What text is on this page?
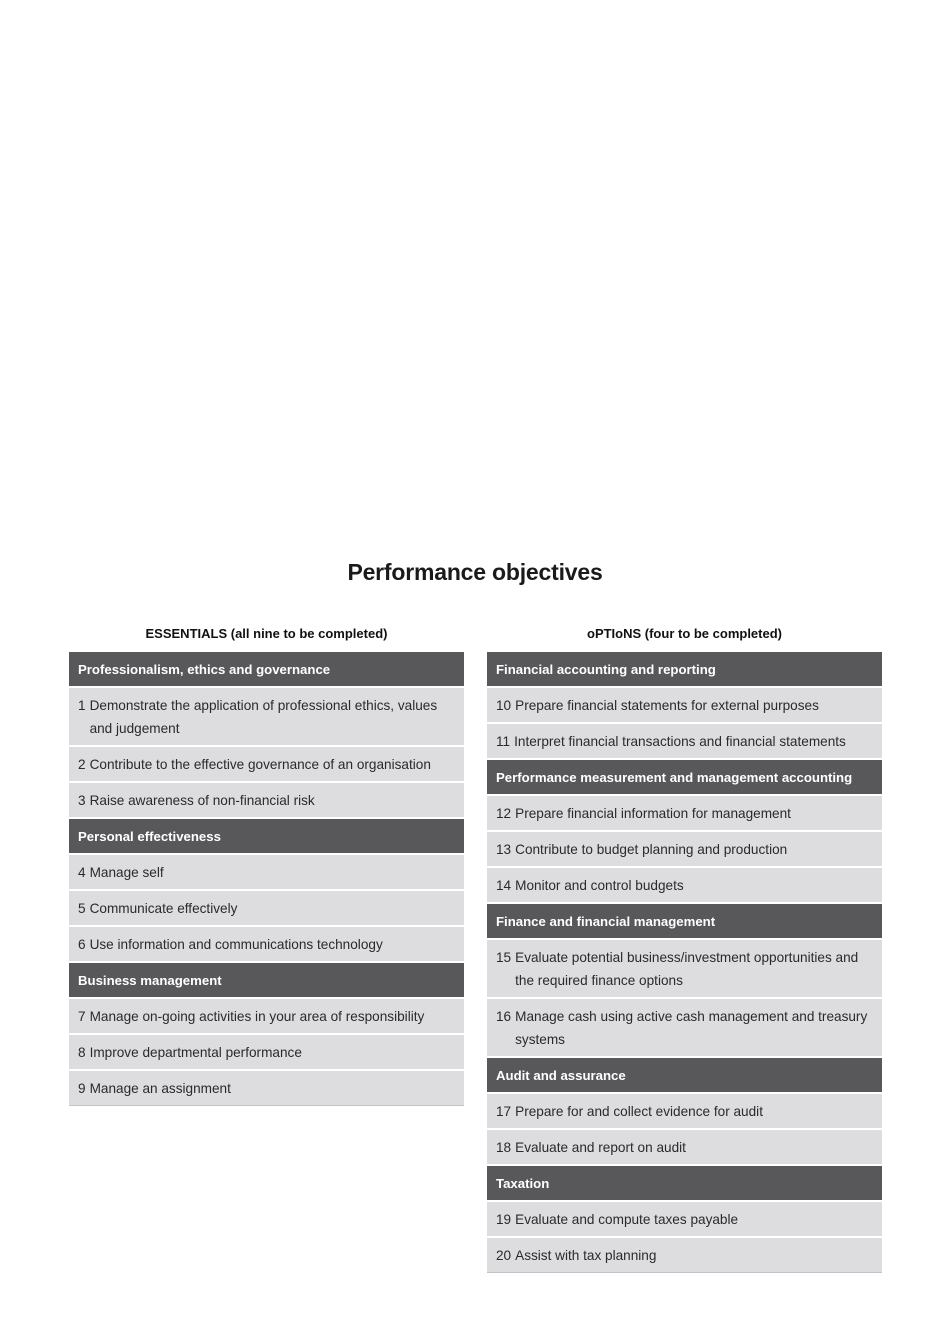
Performance objectives
ESSENTIALS (all nine to be completed)
Professionalism, ethics and governance
1 Demonstrate the application of professional ethics, values and judgement
2 Contribute to the effective governance of an organisation
3 Raise awareness of non-financial risk
Personal effectiveness
4 Manage self
5 Communicate effectively
6 Use information and communications technology
Business management
7 Manage on-going activities in your area of responsibility
8 Improve departmental performance
9 Manage an assignment
oPTIoNS (four to be completed)
Financial accounting and reporting
10 Prepare financial statements for external purposes
11 Interpret financial transactions and financial statements
Performance measurement and management accounting
12 Prepare financial information for management
13 Contribute to budget planning and production
14 Monitor and control budgets
Finance and financial management
15 Evaluate potential business/investment opportunities and the required finance options
16 Manage cash using active cash management and treasury systems
Audit and assurance
17 Prepare for and collect evidence for audit
18 Evaluate and report on audit
Taxation
19 Evaluate and compute taxes payable
20 Assist with tax planning
